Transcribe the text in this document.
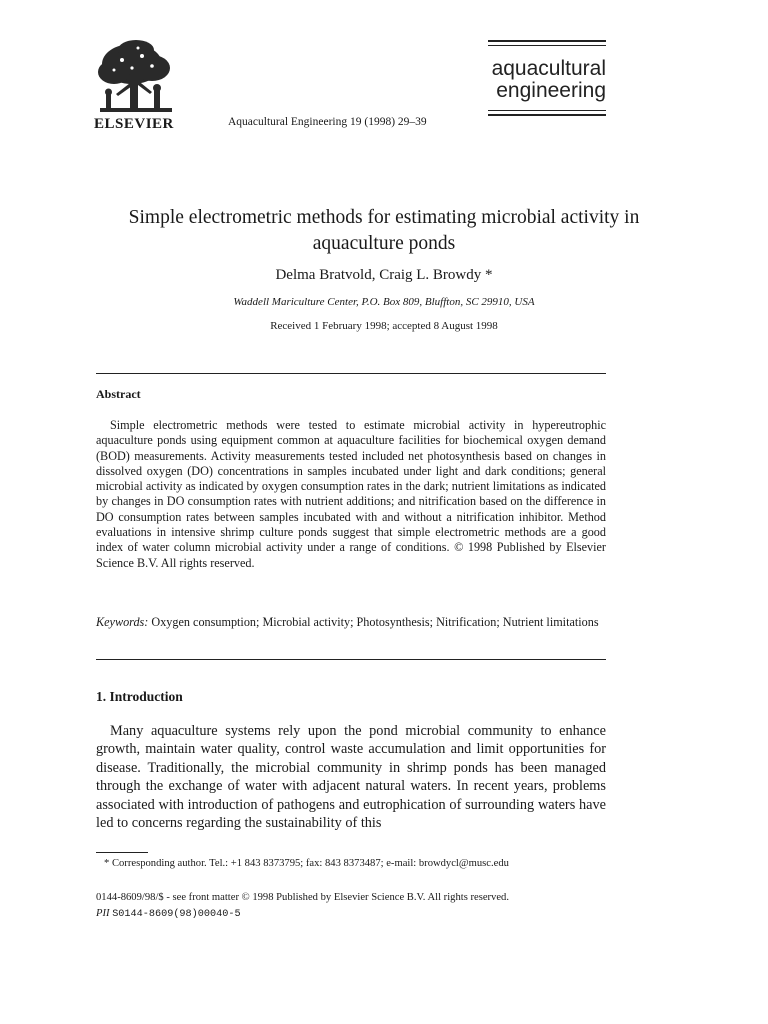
ELSEVIER	Aquacultural Engineering 19 (1998) 29–39
aquacultural
engineering
Simple electrometric methods for estimating microbial activity in aquaculture ponds
Delma Bratvold, Craig L. Browdy *
Waddell Mariculture Center, P.O. Box 809, Bluffton, SC 29910, USA
Received 1 February 1998; accepted 8 August 1998
Abstract
Simple electrometric methods were tested to estimate microbial activity in hypereutrophic aquaculture ponds using equipment common at aquaculture facilities for biochemical oxygen demand (BOD) measurements. Activity measurements tested included net photosynthesis based on changes in dissolved oxygen (DO) concentrations in samples incubated under light and dark conditions; general microbial activity as indicated by oxygen consumption rates in the dark; nutrient limitations as indicated by changes in DO consumption rates with nutrient additions; and nitrification based on the difference in DO consumption rates between samples incubated with and without a nitrification inhibitor. Method evaluations in intensive shrimp culture ponds suggest that simple electrometric methods are a good index of water column microbial activity under a range of conditions. © 1998 Published by Elsevier Science B.V. All rights reserved.
Keywords: Oxygen consumption; Microbial activity; Photosynthesis; Nitrification; Nutrient limitations
1. Introduction
Many aquaculture systems rely upon the pond microbial community to enhance growth, maintain water quality, control waste accumulation and limit opportunities for disease. Traditionally, the microbial community in shrimp ponds has been managed through the exchange of water with adjacent natural waters. In recent years, problems associated with introduction of pathogens and eutrophication of surrounding waters have led to concerns regarding the sustainability of this
* Corresponding author. Tel.: +1 843 8373795; fax: 843 8373487; e-mail: browdycl@musc.edu
0144-8609/98/$ - see front matter © 1998 Published by Elsevier Science B.V. All rights reserved.
PII S0144-8609(98)00040-5
